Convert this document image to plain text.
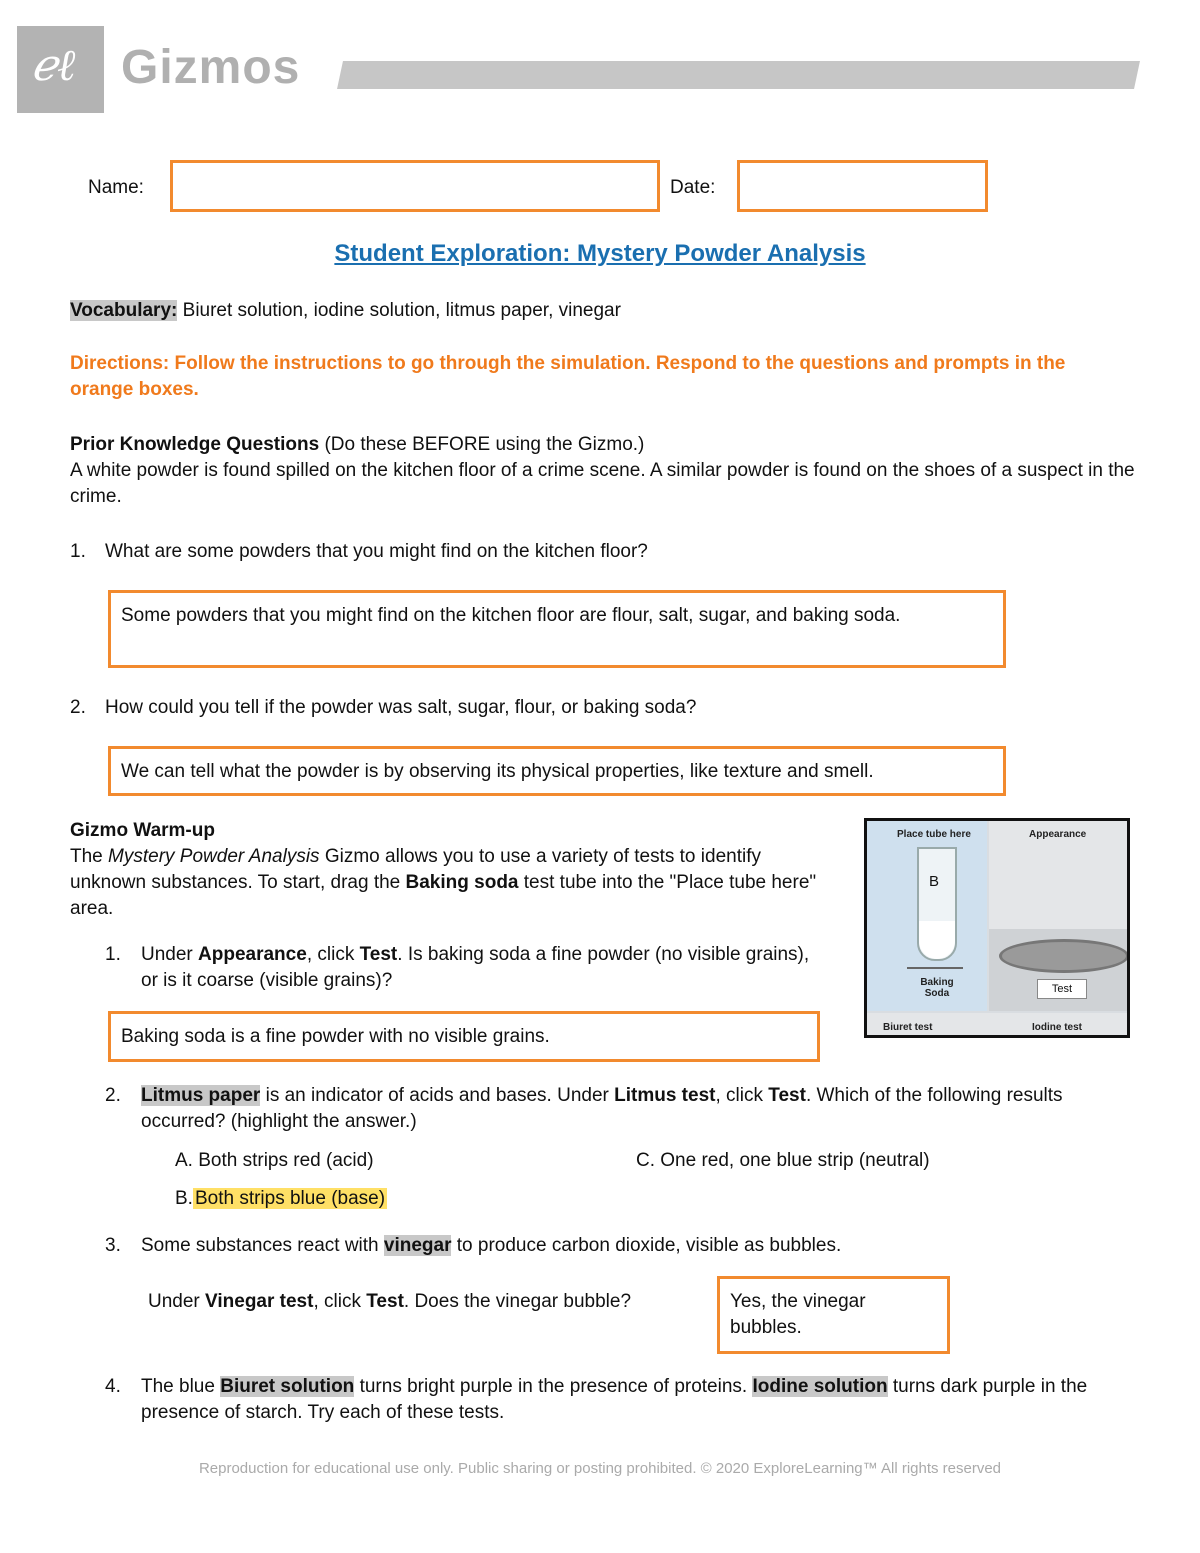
ℯℓ Gizmos
Name:	Date:
Student Exploration: Mystery Powder Analysis
Vocabulary: Biuret solution, iodine solution, litmus paper, vinegar
Directions: Follow the instructions to go through the simulation. Respond to the questions and prompts in the orange boxes.
Prior Knowledge Questions (Do these BEFORE using the Gizmo.)
A white powder is found spilled on the kitchen floor of a crime scene. A similar powder is found on the shoes of a suspect in the crime.
1. What are some powders that you might find on the kitchen floor?
Some powders that you might find on the kitchen floor are flour, salt, sugar, and baking soda.
2. How could you tell if the powder was salt, sugar, flour, or baking soda?
We can tell what the powder is by observing its physical properties, like texture and smell.
Gizmo Warm-up
The Mystery Powder Analysis Gizmo allows you to use a variety of tests to identify unknown substances. To start, drag the Baking soda test tube into the "Place tube here" area.
Place tube here	Appearance
B
Baking Soda	Test
Biuret test	Iodine test
1. Under Appearance, click Test. Is baking soda a fine powder (no visible grains), or is it coarse (visible grains)?
Baking soda is a fine powder with no visible grains.
2. Litmus paper is an indicator of acids and bases. Under Litmus test, click Test. Which of the following results occurred? (highlight the answer.)
A. Both strips red (acid)	C. One red, one blue strip (neutral)
B. Both strips blue (base)
3. Some substances react with vinegar to produce carbon dioxide, visible as bubbles.
Under Vinegar test, click Test. Does the vinegar bubble?	Yes, the vinegar bubbles.
4. The blue Biuret solution turns bright purple in the presence of proteins. Iodine solution turns dark purple in the presence of starch. Try each of these tests.
Reproduction for educational use only. Public sharing or posting prohibited. © 2020 ExploreLearning™ All rights reserved
